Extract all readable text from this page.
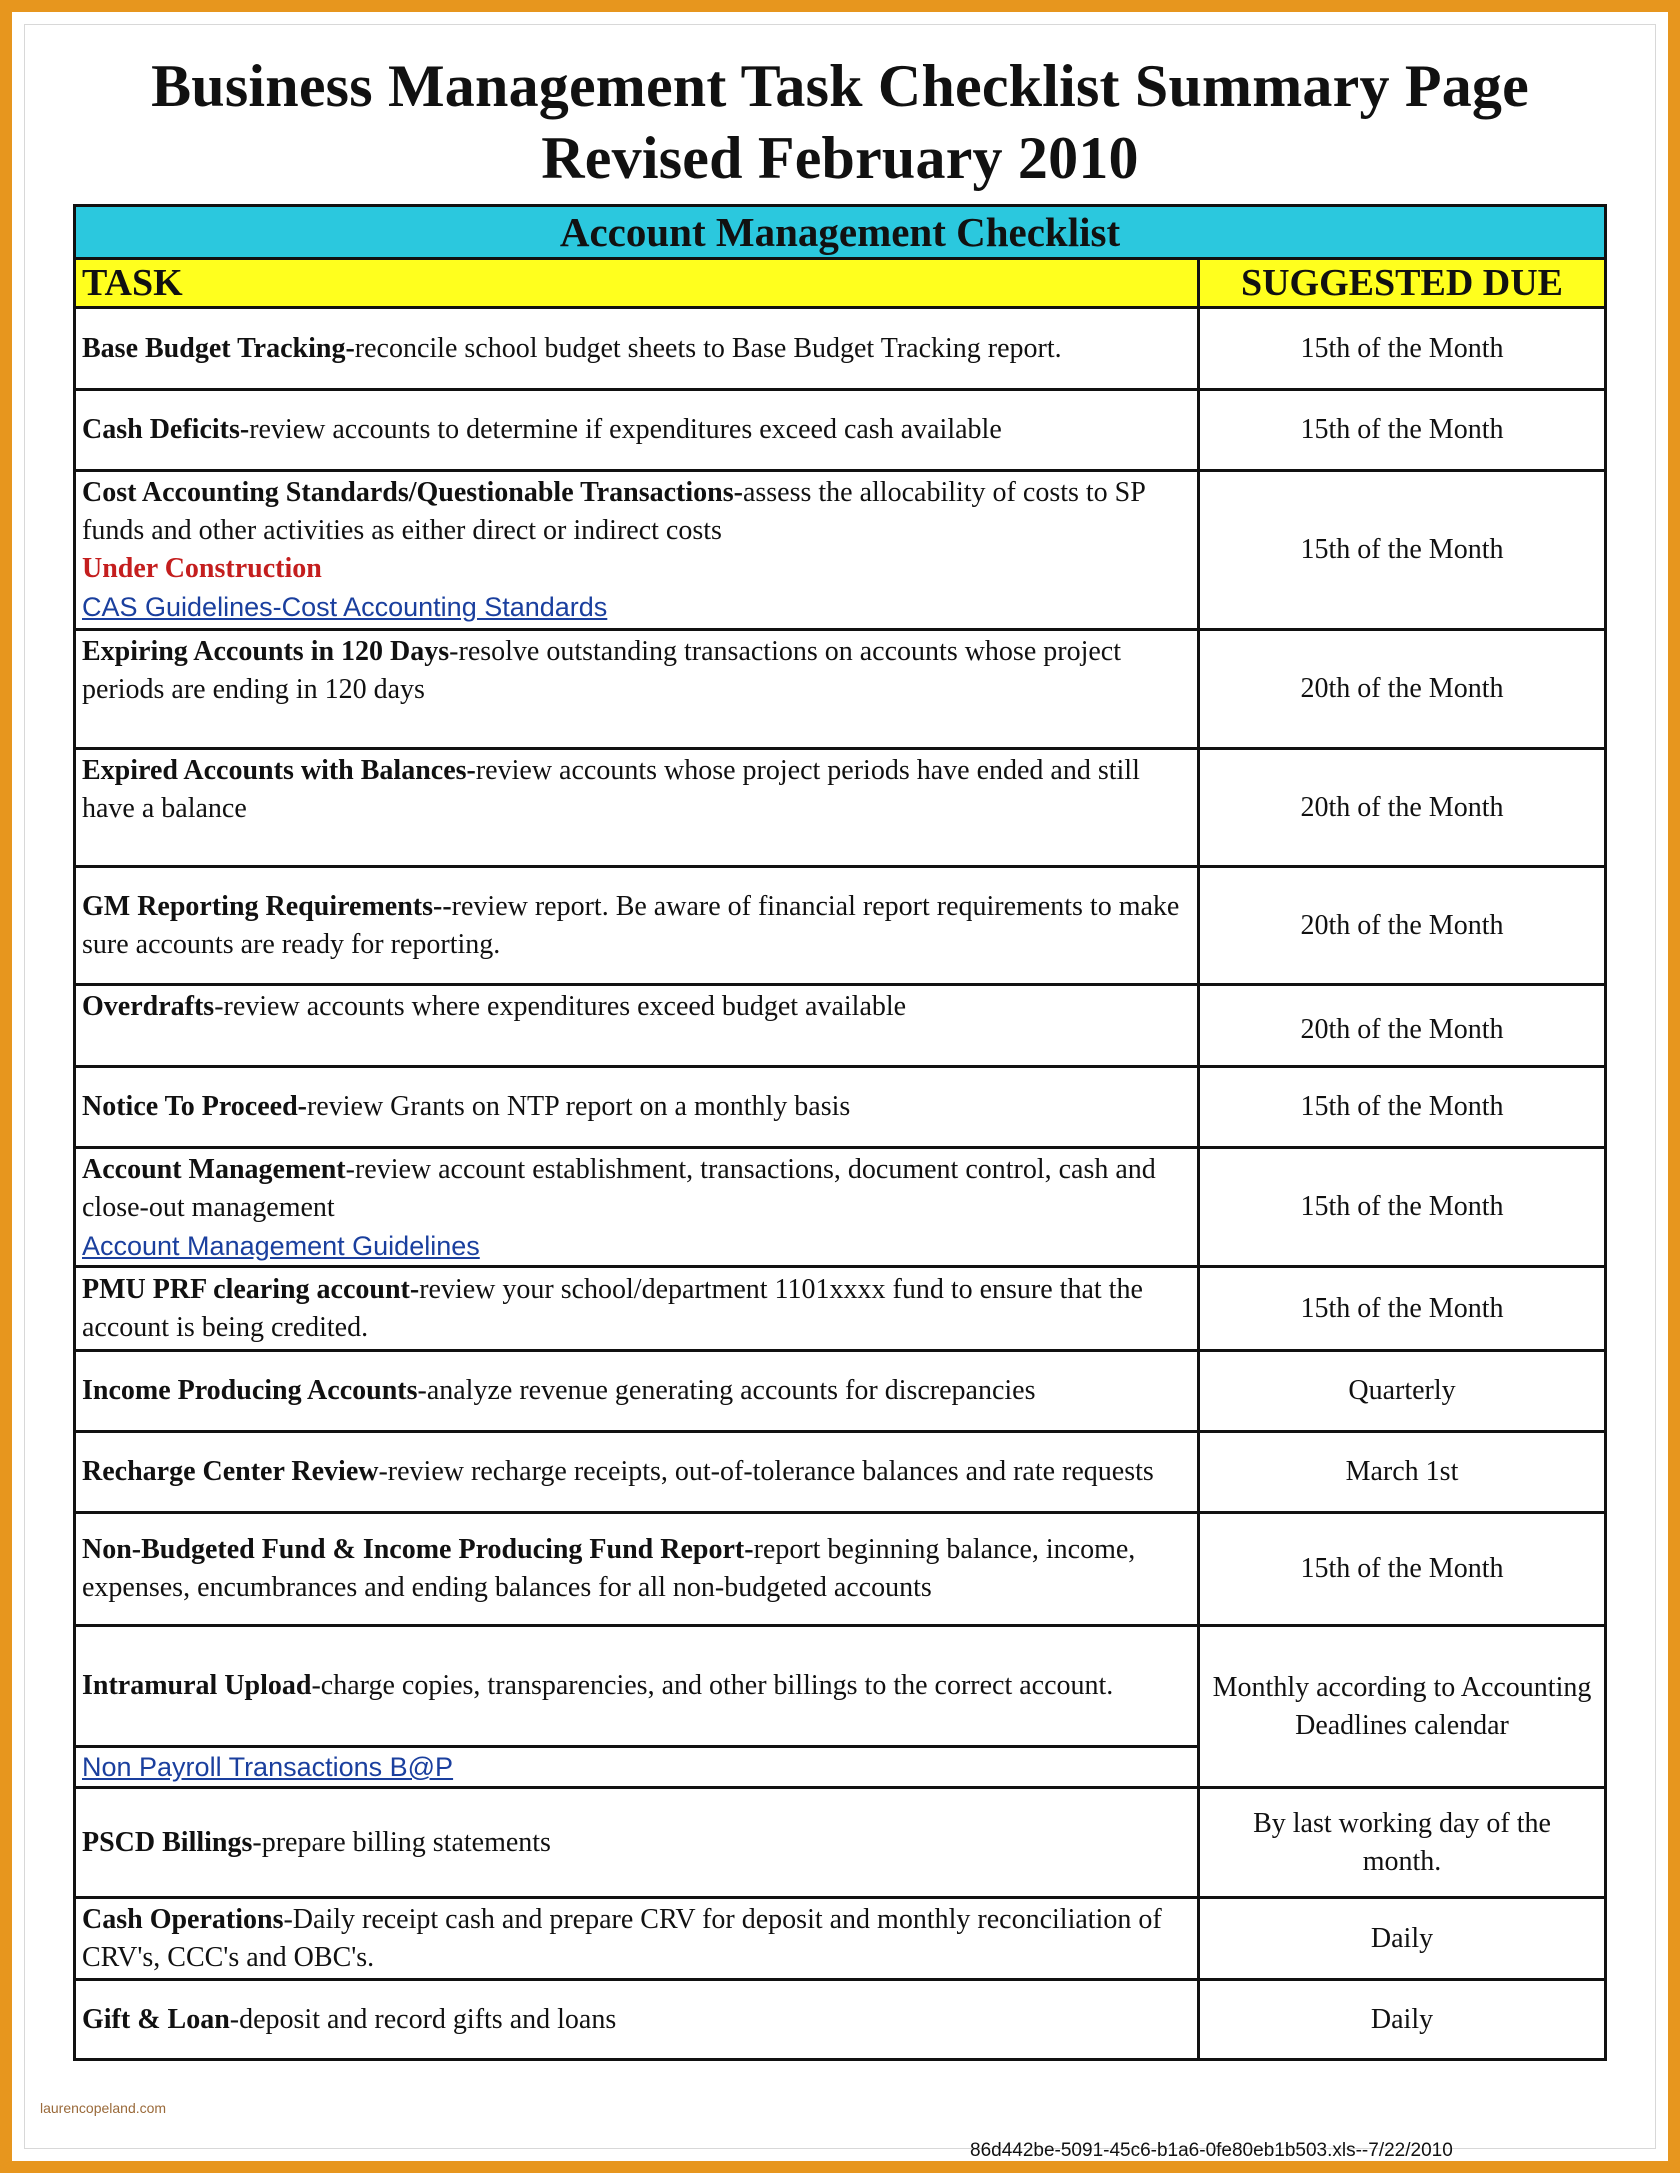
Business Management Task Checklist Summary Page
Revised February 2010
Account Management Checklist	
TASK	SUGGESTED DUE
Base Budget Tracking-reconcile school budget sheets to Base Budget Tracking report.	15th of the Month
Cash Deficits-review accounts to determine if expenditures exceed cash available	15th of the Month
Cost Accounting Standards/Questionable Transactions-assess the allocability of costs to SP funds and other activities as either direct or indirect costs
Under Construction
CAS Guidelines-Cost Accounting Standards	15th of the Month
Expiring Accounts in 120 Days-resolve outstanding transactions on accounts whose project periods are ending in 120 days	20th of the Month
Expired Accounts with Balances-review accounts whose project periods have ended and still have a balance	20th of the Month
GM Reporting Requirements--review report. Be aware of financial report requirements to make sure accounts are ready for reporting.	20th of the Month
Overdrafts-review accounts where expenditures exceed budget available	20th of the Month
Notice To Proceed-review Grants on NTP report on a monthly basis	15th of the Month
Account Management-review account establishment, transactions, document control, cash and close-out management
Account Management Guidelines	15th of the Month
PMU PRF clearing account-review your school/department 1101xxxx fund to ensure that the account is being credited.	15th of the Month
Income Producing Accounts-analyze revenue generating accounts for discrepancies	Quarterly
Recharge Center Review-review recharge receipts, out-of-tolerance balances and rate requests	March 1st
Non-Budgeted Fund & Income Producing Fund Report-report beginning balance, income, expenses, encumbrances and ending balances for all non-budgeted accounts	15th of the Month
Intramural Upload-charge copies, transparencies, and other billings to the correct account.	Monthly according to Accounting Deadlines calendar

Non Payroll Transactions B@P	

PSCD Billings-prepare billing statements	By last working day of the month.
Cash Operations-Daily receipt cash and prepare CRV for deposit and monthly reconciliation of CRV's, CCC's and OBC's.	Daily
Gift & Loan-deposit and record gifts and loans	Daily
laurencopeland.com
86d442be-5091-45c6-b1a6-0fe80eb1b503.xls--7/22/2010
